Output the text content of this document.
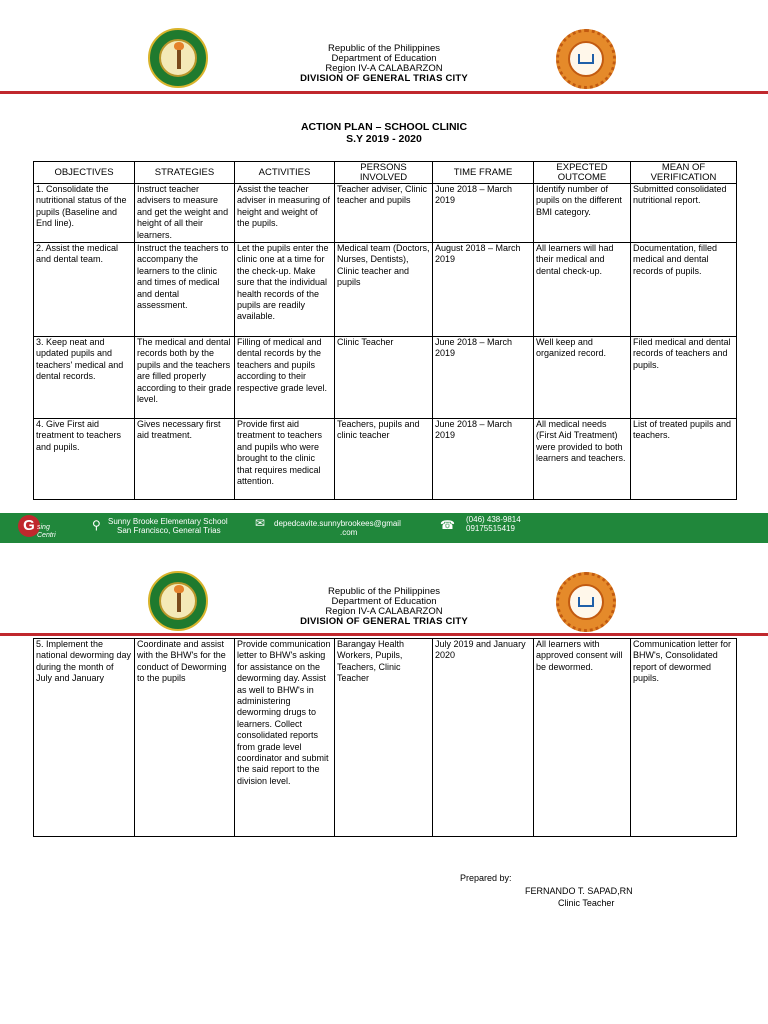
Republic of the Philippines
Department of Education
Region IV-A CALABARZON
DIVISION OF GENERAL TRIAS CITY
ACTION PLAN – SCHOOL CLINIC
S.Y 2019 - 2020
OBJECTIVES	STRATEGIES	ACTIVITIES	PERSONS INVOLVED	TIME FRAME	EXPECTED OUTCOME	MEAN OF VERIFICATION
1. Consolidate the nutritional status of the pupils (Baseline and End line).	Instruct teacher advisers to measure and get the weight and height of all their learners.	Assist the teacher adviser in measuring of height and weight of the pupils.	Teacher adviser, Clinic teacher and pupils	June 2018 – March 2019	Identify number of pupils on the different BMI category.	Submitted consolidated nutritional report.
2. Assist the medical and dental team.	Instruct the teachers to accompany the learners to the clinic and times of medical and dental assessment.	Let the pupils enter the clinic one at a time for the check-up. Make sure that the individual health records of the pupils are readily available.	Medical team (Doctors, Nurses, Dentists), Clinic teacher and pupils	August 2018 – March 2019	All learners will had their medical and dental check-up.	Documentation, filled medical and dental records of pupils.
3. Keep neat and updated pupils and teachers' medical and dental records.	The medical and dental records both by the pupils and the teachers are filled properly according to their grade level.	Filling of medical and dental records by the teachers and pupils according to their respective grade level.	Clinic Teacher	June 2018 – March 2019	Well keep and organized record.	Filed medical and dental records of teachers and pupils.
4. Give First aid treatment to teachers and pupils.	Gives necessary first aid treatment.	Provide first aid treatment to teachers and pupils who were brought to the clinic that requires medical attention.	Teachers, pupils and clinic teacher	June 2018 – March 2019	All medical needs (First Aid Treatment) were provided to both learners and teachers.	List of treated pupils and teachers.
G sing
Centri
⚲ Sunny Brooke Elementary School
San Francisco, General Trias
✉ depedcavite.sunnybrookees@gmail
.com
☎ (046) 438-9814
09175515419
Republic of the Philippines
Department of Education
Region IV-A CALABARZON
DIVISION OF GENERAL TRIAS CITY
5. Implement the national deworming day during the month of July and January	Coordinate and assist with the BHW's for the conduct of Deworming to the pupils	Provide communication letter to BHW's asking for assistance on the deworming day. Assist as well to BHW's in administering deworming drugs to learners. Collect consolidated reports from grade level coordinator and submit the said report to the division level.	Barangay Health Workers, Pupils, Teachers, Clinic Teacher	July 2019 and January 2020	All learners with approved consent will be dewormed.	Communication letter for BHW's, Consolidated report of dewormed pupils.
Prepared by:
FERNANDO T. SAPAD,RN
Clinic Teacher
